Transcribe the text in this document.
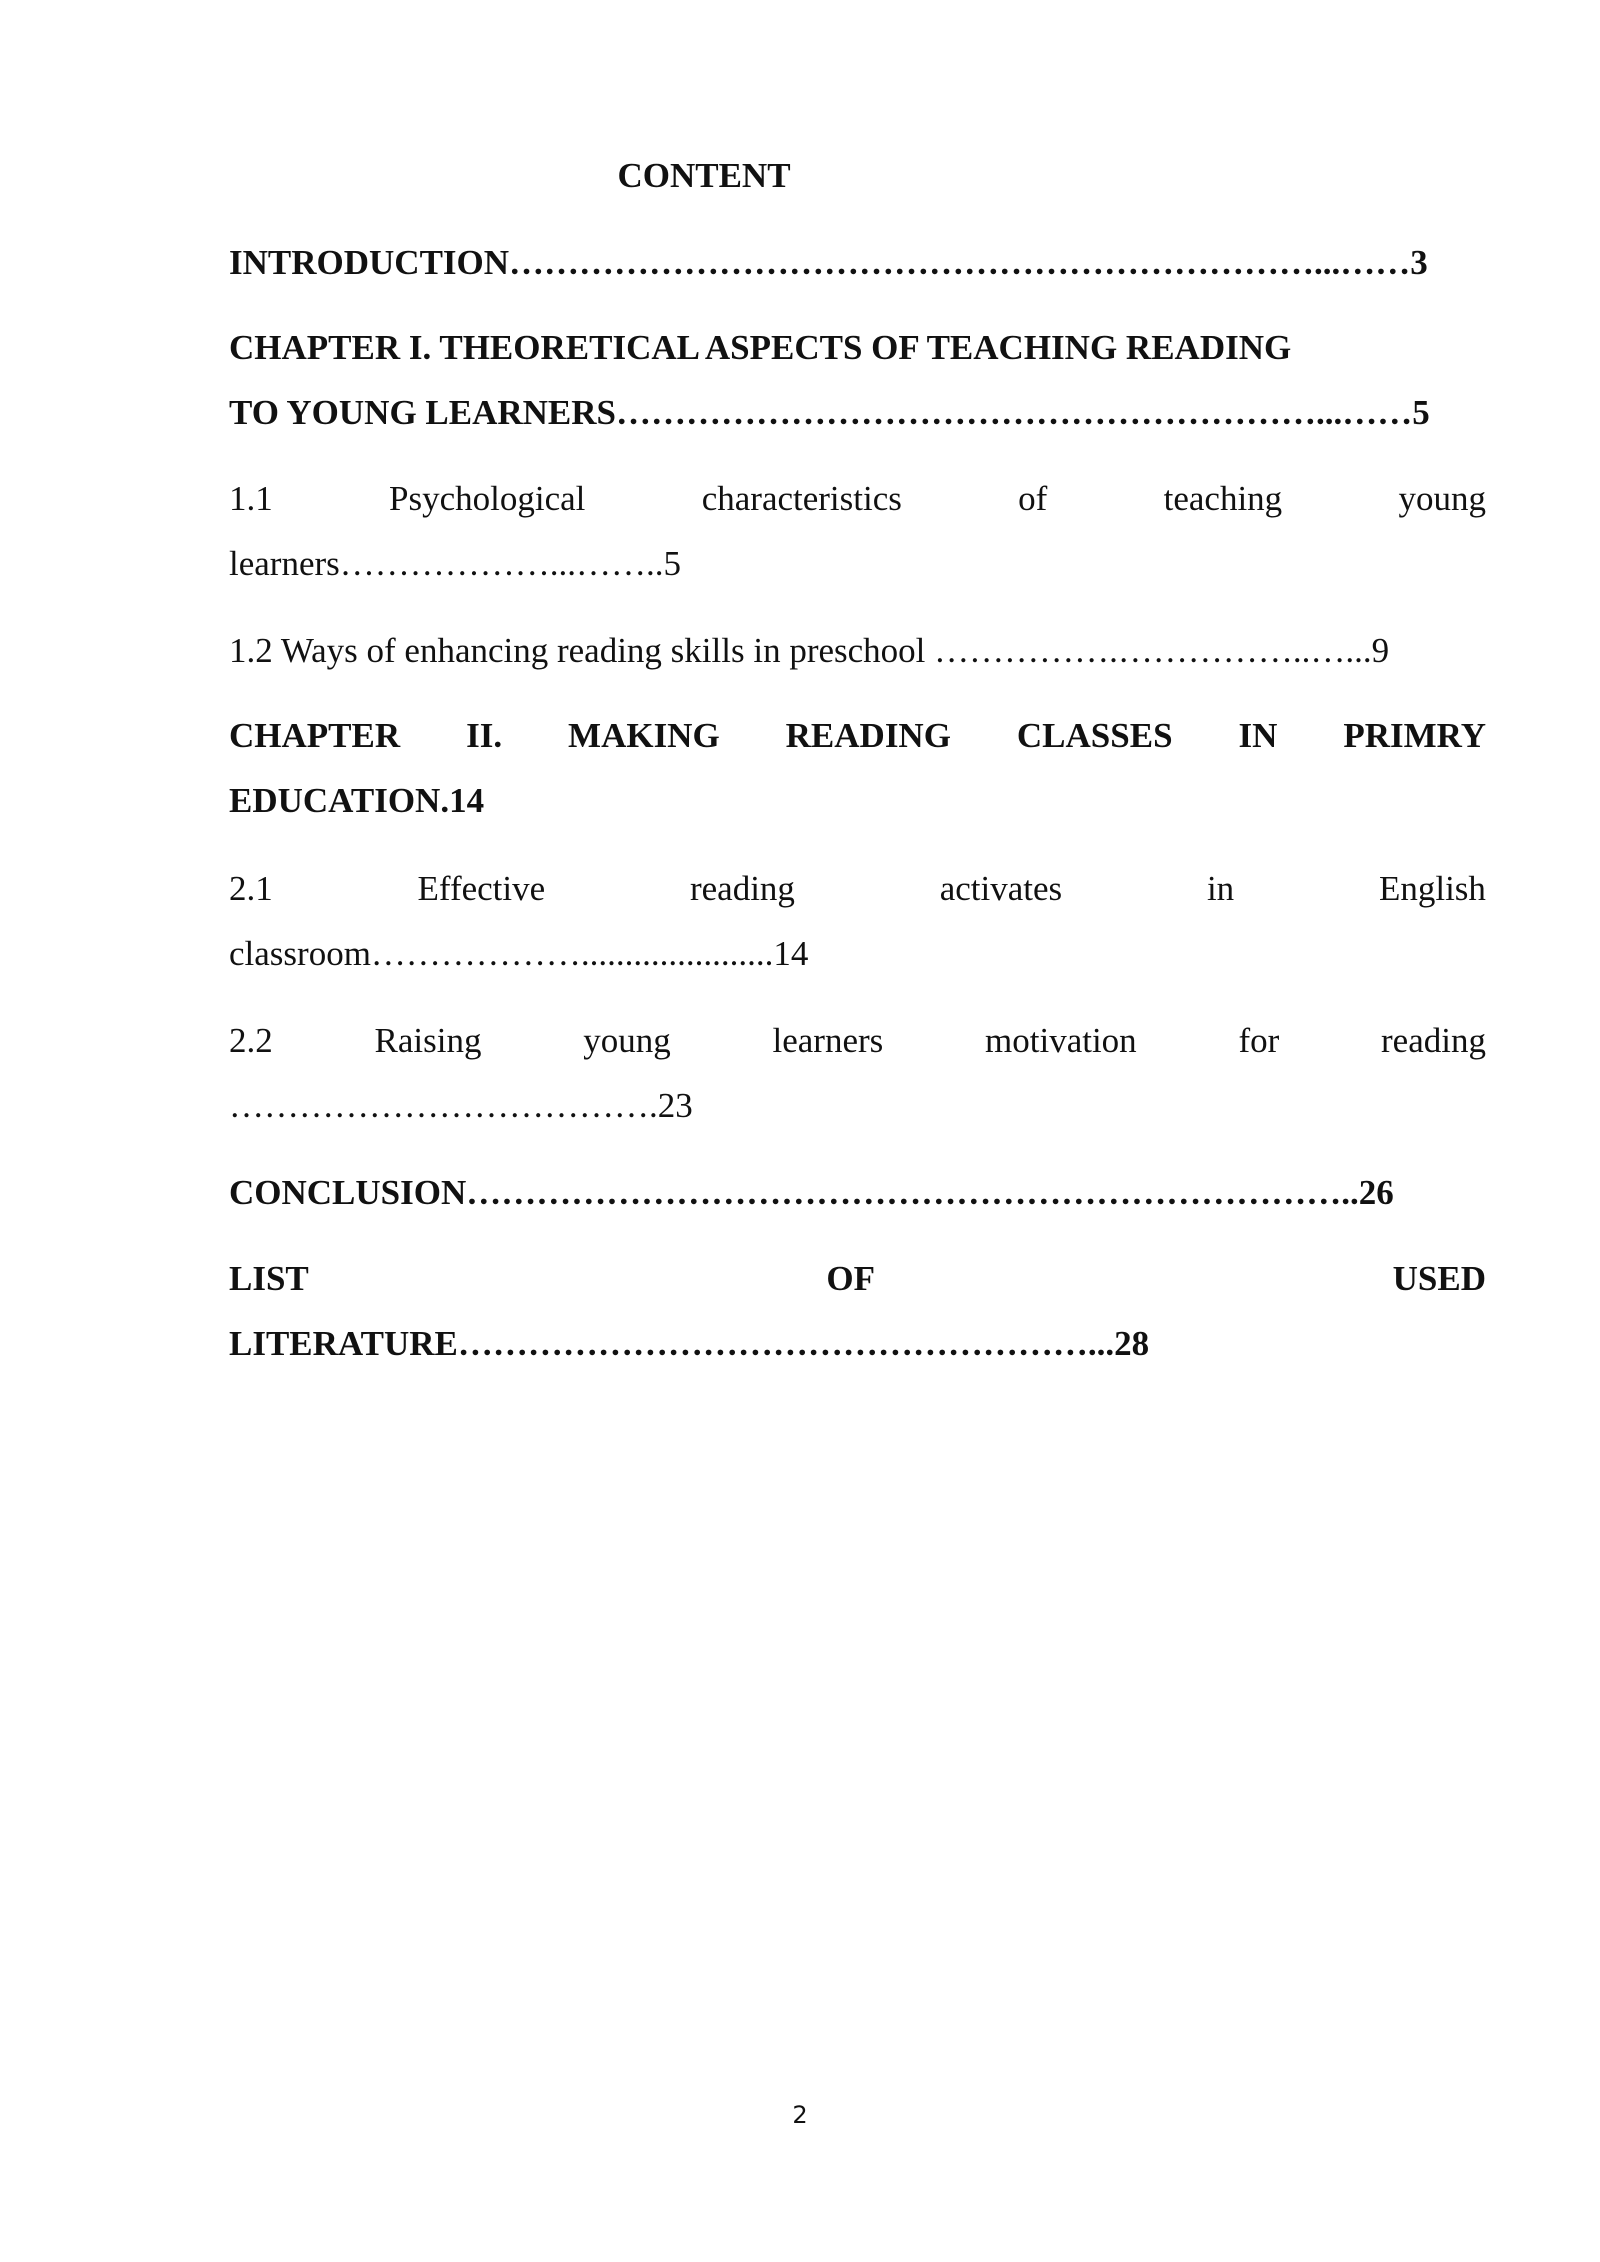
CONTENT
INTRODUCTION……………………………………………………………...……3
CHAPTER I. THEORETICAL ASPECTS OF TEACHING READING
TO YOUNG LEARNERS……………………………………………………...……5
1.1	Psychological	characteristics	of	teaching	young
learners………………...……..5
1.2 Ways of enhancing reading skills in preschool …………….……………..…...9
CHAPTER II. MAKING READING CLASSES IN PRIMRY
EDUCATION.14
2.1	Effective	reading	activates	in	English
classroom………………......................14
2.2	Raising	young	learners	motivation	for	reading
……………………………….23
CONCLUSION…………………………………………………………………..26
LIST	OF	USED
LITERATURE………………………………………………...28
2
